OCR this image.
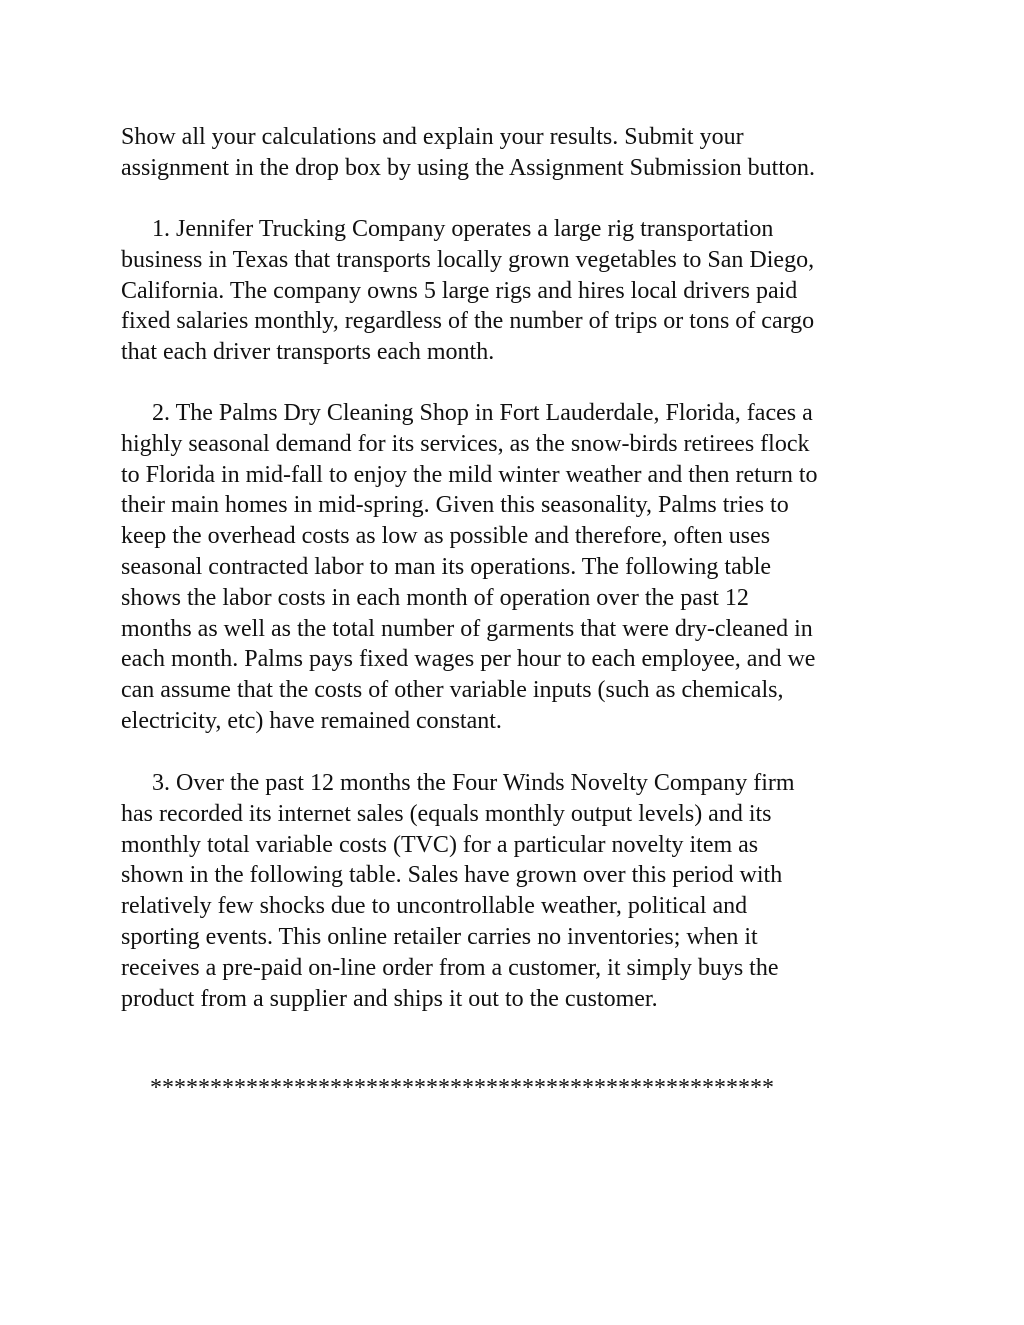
Show all your calculations and explain your results. Submit your
assignment in the drop box by using the Assignment Submission button.
1. Jennifer Trucking Company operates a large rig transportation
business in Texas that transports locally grown vegetables to San Diego,
California. The company owns 5 large rigs and hires local drivers paid
fixed salaries monthly, regardless of the number of trips or tons of cargo
that each driver transports each month.
2. The Palms Dry Cleaning Shop in Fort Lauderdale, Florida, faces a
highly seasonal demand for its services, as the snow-birds retirees flock
to Florida in mid-fall to enjoy the mild winter weather and then return to
their main homes in mid-spring. Given this seasonality, Palms tries to
keep the overhead costs as low as possible and therefore, often uses
seasonal contracted labor to man its operations. The following table
shows the labor costs in each month of operation over the past 12
months as well as the total number of garments that were dry-cleaned in
each month. Palms pays fixed wages per hour to each employee, and we
can assume that the costs of other variable inputs (such as chemicals,
electricity, etc) have remained constant.
3. Over the past 12 months the Four Winds Novelty Company firm
has recorded its internet sales (equals monthly output levels) and its
monthly total variable costs (TVC) for a particular novelty item as
shown in the following table. Sales have grown over this period with
relatively few shocks due to uncontrollable weather, political and
sporting events. This online retailer carries no inventories; when it
receives a pre-paid on-line order from a customer, it simply buys the
product from a supplier and ships it out to the customer.
****************************************************
